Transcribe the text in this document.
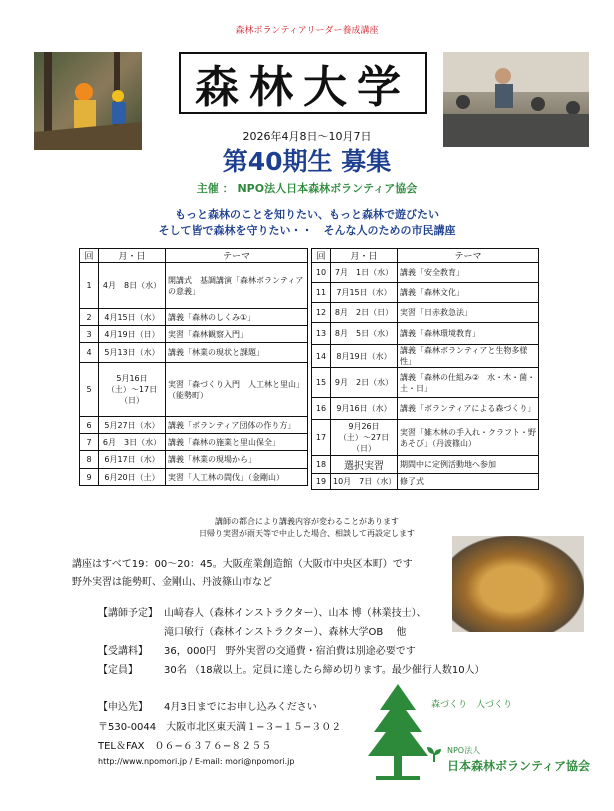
森林ボランティアリーダー養成講座
森林大学
2026年4月8日〜10月7日
第40期生 募集
主催 ： NPO法人日本森林ボランティア協会
もっと森林のことを知りたい、もっと森林で遊びたい
そして皆で森林を守りたい・・　そんな人のための市民講座
回	月・日	テーマ
1	4月　8日（水）	開講式　基調講演「森林ボランティアの意義」
2	4月15日（水）	講義「森林のしくみ①」
3	4月19日（日）	実習「森林観察入門」
4	5月13日（水）	講義「林業の現状と課題」
5	5月16日（土）〜17日（日）	実習「森づくり入門　人工林と里山」（能勢町）
6	5月27日（水）	講義「ボランティア団体の作り方」
7	6月　3日（水）	講義「森林の施業と里山保全」
8	6月17日（水）	講義「林業の現場から」
9	6月20日（土）	実習「人工林の間伐」（金剛山）
回	月・日	テーマ
10	7月　1日（水）	講義「安全教育」
11	7月15日（水）	講義「森林文化」
12	8月　2日（日）	実習「日赤救急法」
13	8月　5日（水）	講義「森林環境教育」
14	8月19日（水）	講義「森林ボランティアと生物多様性」
15	9月　2日（水）	講義「森林の仕組み②　水・木・菌・土・日」
16	9月16日（水）	講義「ボランティアによる森づくり」
17	9月26日（土）〜27日（日）	実習「雑木林の手入れ・クラフト・野あそび」（丹波篠山）
18	選択実習	期間中に定例活動地へ参加
19	10月　7日（水）	修了式
講師の都合により講義内容が変わることがあります
日帰り実習が雨天等で中止した場合、相談して再設定します
講座はすべて19：00〜20：45。大阪産業創造館（大阪市中央区本町）です
野外実習は能勢町、金剛山、丹波篠山市など
【講師予定】 山﨑春人（森林インストラクター）、山本 博（林業技士）、
滝口敏行（森林インストラクター）、森林大学OB　 他
【受講料】 36，000円　野外実習の交通費・宿泊費は別途必要です
【定員】	30名 （18歳以上。定員に達したら締め切ります。最少催行人数10人）
【申込先】 4月3日までにお申し込みください
〒530-0044　大阪市北区東天満１−３−１５−３０２
TEL＆FAX　０６−６３７６−８２５５
http://www.npomori.jp / E-mail: mori@npomori.jp
森づくり　人づくり
NPO法人
日本森林ボランティア協会
